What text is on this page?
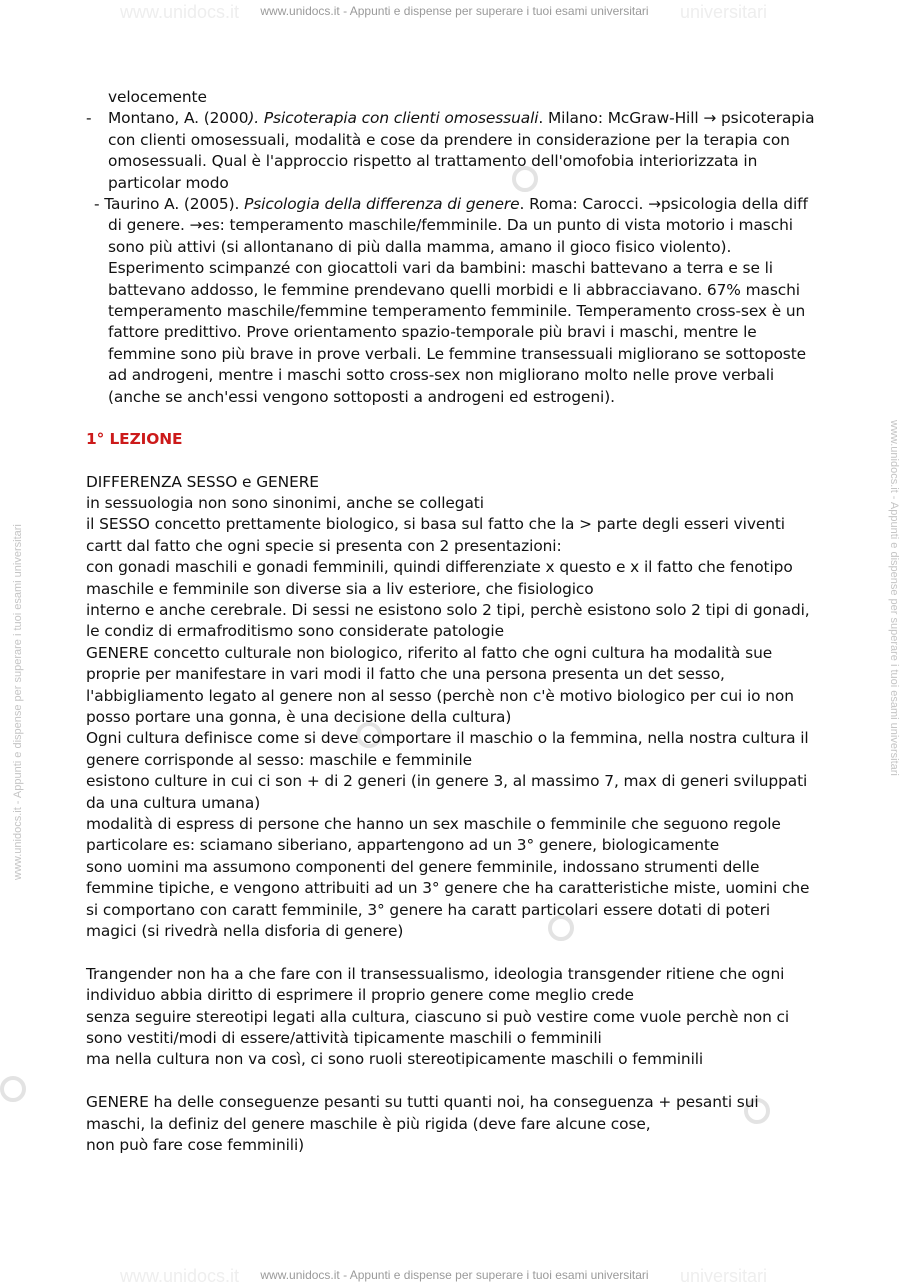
www.unidocs.it	universitari
www.unidocs.it	universitari
www.unidocs.it - Appunti e dispense per superare i tuoi esami universitari
www.unidocs.it - Appunti e dispense per superare i tuoi esami universitari
www.unidocs.it - Appunti e dispense per superare i tuoi esami universitari	www.unidocs.it - Appunti e dispense per superare i tuoi esami universitari

velocemente

- Montano, A. (2000). Psicoterapia con clienti omosessuali. Milano: McGraw-Hill → psicoterapia con clienti omosessuali, modalità e cose da prendere in considerazione per la terapia con omosessuali. Qual è l'approccio rispetto al trattamento dell'omofobia interiorizzata in particolar modo

- Taurino A. (2005). Psicologia della differenza di genere. Roma: Carocci. →psicologia della diff di genere. →es: temperamento maschile/femminile. Da un punto di vista motorio i maschi sono più attivi (si allontanano di più dalla mamma, amano il gioco fisico violento). Esperimento scimpanzé con giocattoli vari da bambini: maschi battevano a terra e se li battevano addosso, le femmine prendevano quelli morbidi e li abbracciavano. 67% maschi temperamento maschile/femmine temperamento femminile. Temperamento cross-sex è un fattore predittivo. Prove orientamento spazio-temporale più bravi i maschi, mentre le femmine sono più brave in prove verbali. Le femmine transessuali migliorano se sottoposte ad androgeni, mentre i maschi sotto cross-sex non migliorano molto nelle prove verbali (anche se anch'essi vengono sottoposti a androgeni ed estrogeni).

1° LEZIONE

DIFFERENZA SESSO e GENERE

in sessuologia non sono sinonimi, anche se collegati

il SESSO concetto prettamente biologico, si basa sul fatto che la > parte degli esseri viventi cartt dal fatto che ogni specie si presenta con 2 presentazioni:

con gonadi maschili e gonadi femminili, quindi differenziate x questo e x il fatto che fenotipo maschile e femminile son diverse sia a liv esteriore, che fisiologico

interno e anche cerebrale. Di sessi ne esistono solo 2 tipi, perchè esistono solo 2 tipi di gonadi, le condiz di ermafroditismo sono considerate patologie

GENERE concetto culturale non biologico, riferito al fatto che ogni cultura ha modalità sue proprie per manifestare in vari modi il fatto che una persona presenta un det sesso, l'abbigliamento legato al genere non al sesso (perchè non c'è motivo biologico per cui io non posso portare una gonna, è una decisione della cultura)

Ogni cultura definisce come si deve comportare il maschio o la femmina, nella nostra cultura il genere corrisponde al sesso: maschile e femminile

esistono culture in cui ci son + di 2 generi (in genere 3, al massimo 7, max di generi sviluppati da una cultura umana)

modalità di espress di persone che hanno un sex maschile o femminile che seguono regole particolare es: sciamano siberiano, appartengono ad un 3° genere, biologicamente

sono uomini ma assumono componenti del genere femminile, indossano strumenti delle femmine tipiche, e vengono attribuiti ad un 3° genere che ha caratteristiche miste, uomini che si comportano con caratt femminile, 3° genere ha caratt particolari essere dotati di poteri magici (si rivedrà nella disforia di genere)

Trangender non ha a che fare con il transessualismo, ideologia transgender ritiene che ogni individuo abbia diritto di esprimere il proprio genere come meglio crede

senza seguire stereotipi legati alla cultura, ciascuno si può vestire come vuole perchè non ci sono vestiti/modi di essere/attività tipicamente maschili o femminili

ma nella cultura non va così, ci sono ruoli stereotipicamente maschili o femminili

GENERE ha delle conseguenze pesanti su tutti quanti noi, ha conseguenza + pesanti sui maschi, la definiz del genere maschile è più rigida (deve fare alcune cose,

non può fare cose femminili)
